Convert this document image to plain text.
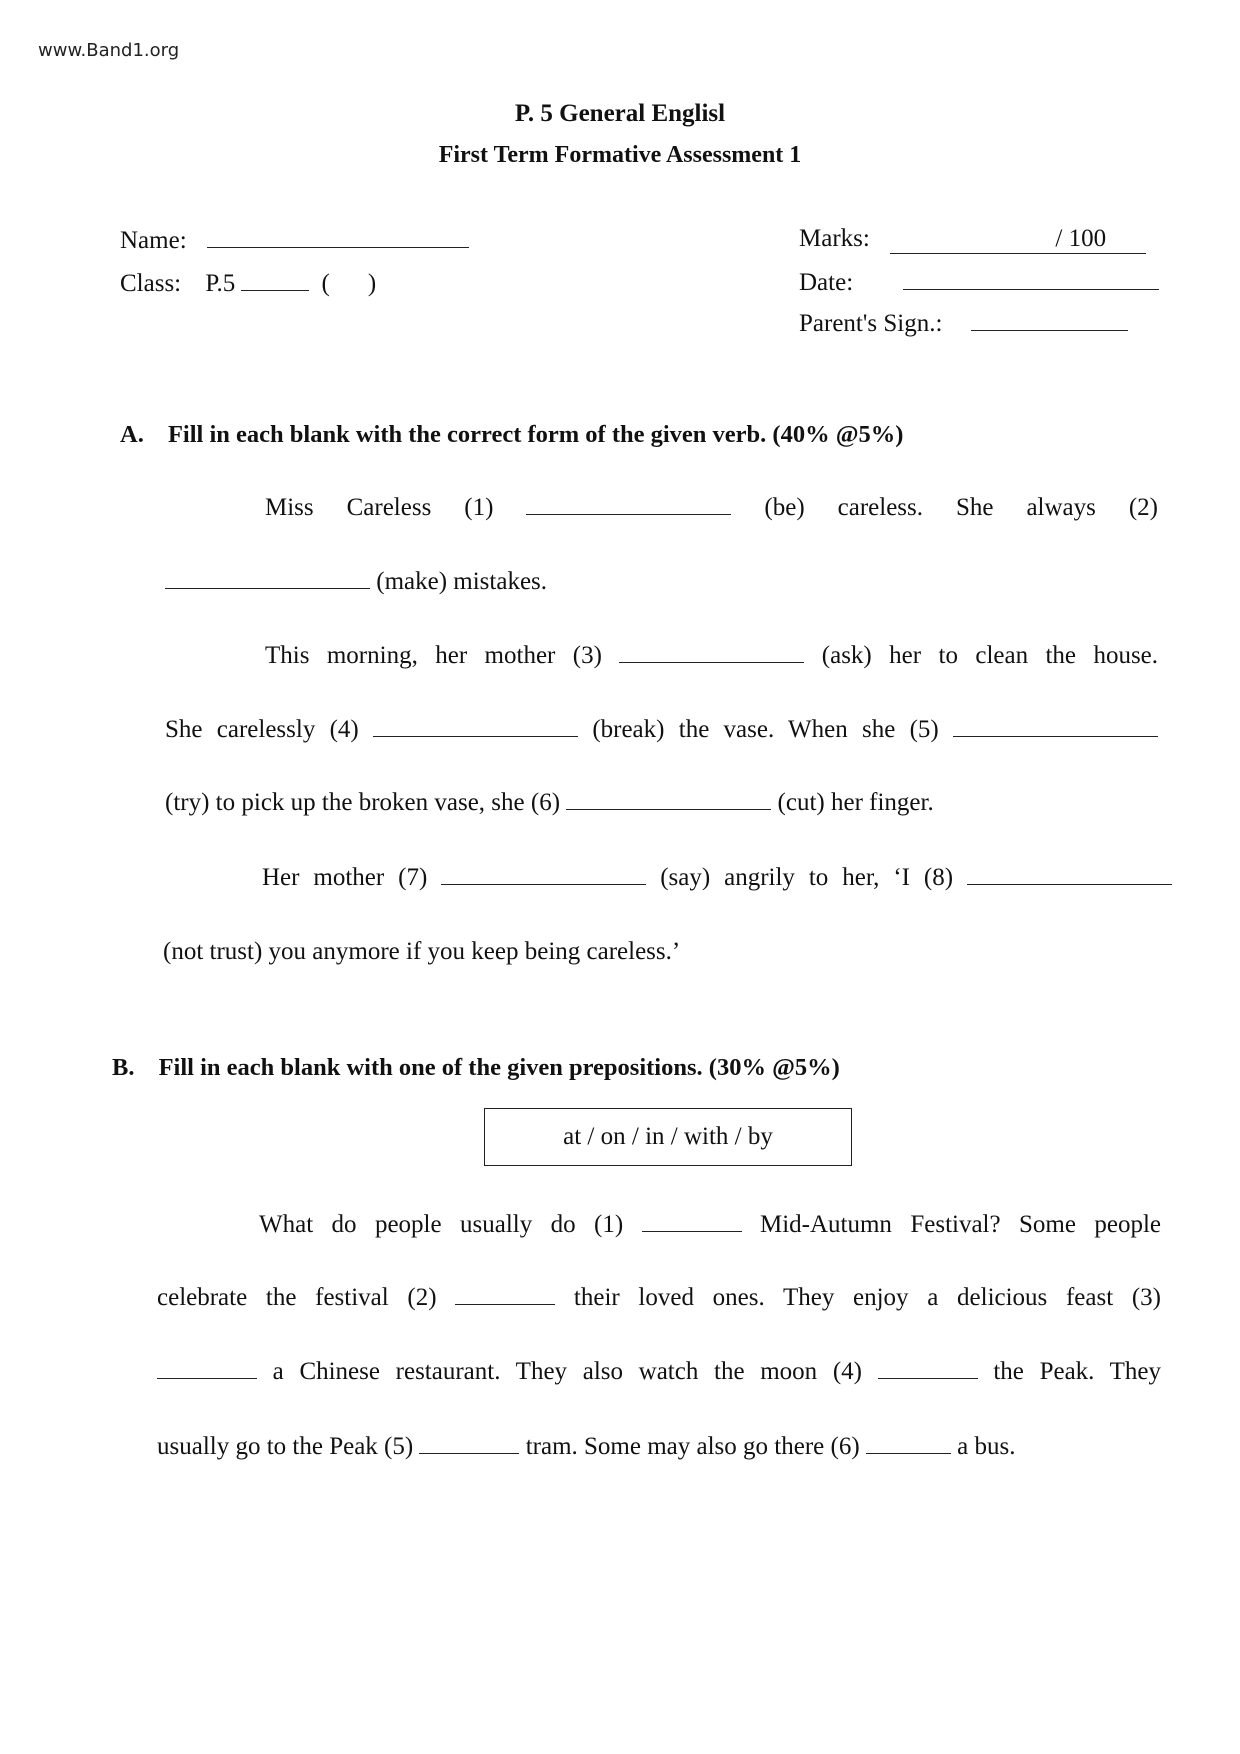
www.Band1.org
P. 5 General Englisl
First Term Formative Assessment 1
Name:
Class: P.5	( )
Marks:	/ 100
Date:
Parent's Sign.:
A. Fill in each blank with the correct form of the given verb. (40% @5%)
Miss Careless (1)	(be) careless. She always (2)
(make) mistakes.
This morning, her mother (3)	(ask) her to clean the house.
She carelessly (4)	(break) the vase. When she (5)
(try) to pick up the broken vase, she (6)	(cut) her finger.
Her mother (7)	(say) angrily to her, ‘I (8)
(not trust) you anymore if you keep being careless.’
B. Fill in each blank with one of the given prepositions. (30% @5%)
at / on / in / with / by
What do people usually do (1)	Mid-Autumn Festival? Some people
celebrate the festival (2)	their loved ones. They enjoy a delicious feast (3)
a Chinese restaurant. They also watch the moon (4)	the Peak. They
usually go to the Peak (5)	tram. Some may also go there (6)	a bus.
